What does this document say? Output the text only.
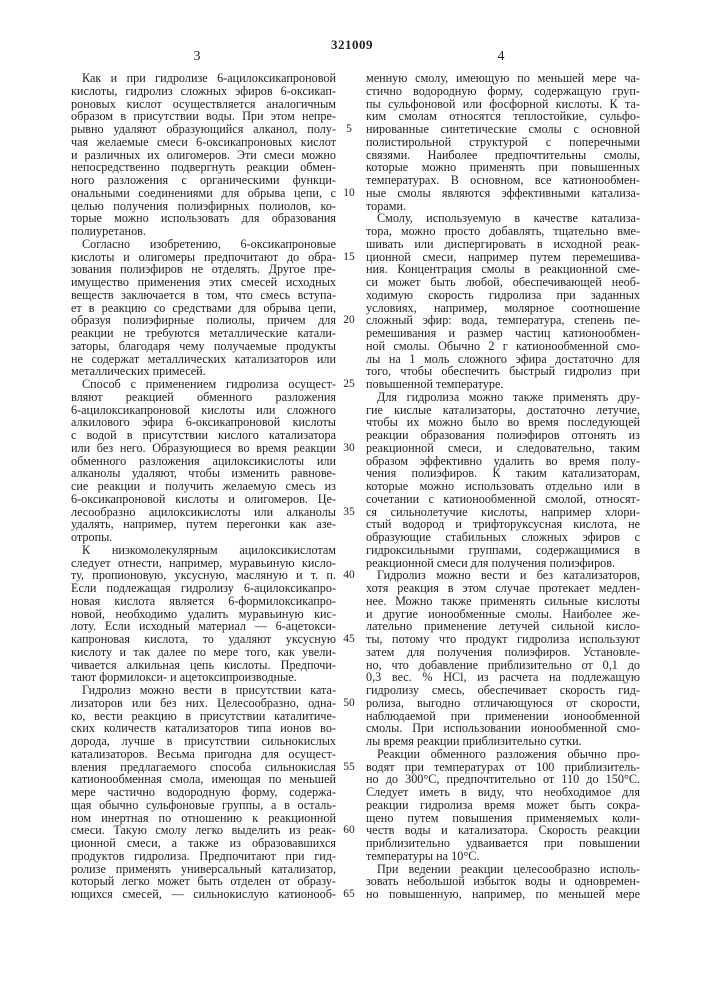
321009
3	4
Как и при гидролизе 6-ацилоксикапроновой
кислоты, гидролиз сложных эфиров 6-оксикап-
роновых кислот осуществляется аналогичным
образом в присутствии воды. При этом непре-
рывно удаляют образующийся алканол, полу-
чая желаемые смеси 6-оксикапроновых кислот
и различных их олигомеров. Эти смеси можно
непосредственно подвергнуть реакции обмен-
ного разложения с органическими функци-
ональными соединениями для обрыва цепи, с
целью получения полиэфирных полиолов, ко-
торые можно использовать для образования
полиуретанов.
Согласно изобретению, 6-оксикапроновые
кислоты и олигомеры предпочитают до обра-
зования полиэфиров не отделять. Другое пре-
имущество применения этих смесей исходных
веществ заключается в том, что смесь вступа-
ет в реакцию со средствами для обрыва цепи,
образуя полиэфирные полиолы, причем для
реакции не требуются металлические катали-
заторы, благодаря чему получаемые продукты
не содержат металлических катализаторов или
металлических примесей.
Способ с применением гидролиза осущест-
вляют реакцией обменного разложения
6-ацилоксикапроновой кислоты или сложного
алкилового эфира 6-оксикапроновой кислоты
с водой в присутствии кислого катализатора
или без него. Образующиеся во время реакции
обменного разложения ацилоксикислоты или
алканолы удаляют, чтобы изменить равнове-
сие реакции и получить желаемую смесь из
6-оксикапроновой кислоты и олигомеров. Це-
лесообразно ацилоксикислоты или алканолы
удалять, например, путем перегонки как азе-
отропы.
К низкомолекулярным ацилоксикислотам
следует отнести, например, муравьиную кисло-
ту, пропионовую, уксусную, масляную и т. п.
Если подлежащая гидролизу 6-ацилоксикапро-
новая кислота является 6-формилоксикапро-
новой, необходимо удалить муравьиную кис-
лоту. Если исходный материал — 6-ацетокси-
капроновая кислота, то удаляют уксусную
кислоту и так далее по мере того, как увели-
чивается алкильная цепь кислоты. Предпочи-
тают формилокси- и ацетоксипроизводные.
Гидролиз можно вести в присутствии ката-
лизаторов или без них. Целесообразно, одна-
ко, вести реакцию в присутствии каталитиче-
ских количеств катализаторов типа ионов во-
дорода, лучше в присутствии сильнокислых
катализаторов. Весьма пригодна для осущест-
вления предлагаемого способа сильнокислая
катионообменная смола, имеющая по меньшей
мере частично водородную форму, содержа-
щая обычно сульфоновые группы, а в осталь-
ном инертная по отношению к реакционной
смеси. Такую смолу легко выделить из реак-
ционной смеси, а также из образовавшихся
продуктов гидролиза. Предпочитают при гид-
ролизе применять универсальный катализатор,
который легко может быть отделен от образу-
ющихся смесей, — сильнокислую катионооб-
5
10
15
20
25
30
35
40
45
50
55
60
65
менную смолу, имеющую по меньшей мере ча-
стично водородную форму, содержащую груп-
пы сульфоновой или фосфорной кислоты. К та-
ким смолам относятся теплостойкие, сульфо-
нированные синтетические смолы с основной
полистирольной структурой с поперечными
связями. Наиболее предпочтительны смолы,
которые можно применять при повышенных
температурах. В основном, все катионообмен-
ные смолы являются эффективными катализа-
торами.
Смолу, используемую в качестве катализа-
тора, можно просто добавлять, тщательно вме-
шивать или диспергировать в исходной реак-
ционной смеси, например путем перемешива-
ния. Концентрация смолы в реакционной сме-
си может быть любой, обеспечивающей необ-
ходимую скорость гидролиза при заданных
условиях, например, молярное соотношение
сложный эфир: вода, температура, степень пе-
ремешивания и размер частиц катионообмен-
ной смолы. Обычно 2 г катионообменной смо-
лы на 1 моль сложного эфира достаточно для
того, чтобы обеспечить быстрый гидролиз при
повышенной температуре.
Для гидролиза можно также применять дру-
гие кислые катализаторы, достаточно летучие,
чтобы их можно было во время последующей
реакции образования полиэфиров отгонять из
реакционной смеси, и следовательно, таким
образом эффективно удалить во время полу-
чения полиэфиров. К таким катализаторам,
которые можно использовать отдельно или в
сочетании с катионообменной смолой, относят-
ся сильнолетучие кислоты, например хлори-
стый водород и трифторуксусная кислота, не
образующие стабильных сложных эфиров с
гидроксильными группами, содержащимися в
реакционной смеси для получения полиэфиров.
Гидролиз можно вести и без катализаторов,
хотя реакция в этом случае протекает медлен-
нее. Можно также применять сильные кислоты
и другие ионообменные смолы. Наиболее же-
лательно применение летучей сильной кисло-
ты, потому что продукт гидролиза используют
затем для получения полиэфиров. Установле-
но, что добавление приблизительно от 0,1 до
0,3 вес. % HCl, из расчета на подлежащую
гидролизу смесь, обеспечивает скорость гид-
ролиза, выгодно отличающуюся от скорости,
наблюдаемой при применении ионообменной
смолы. При использовании ионообменной смо-
лы время реакции приблизительно сутки.
Реакции обменного разложения обычно про-
водят при температурах от 100 приблизитель-
но до 300°C, предпочтительно от 110 до 150°C.
Следует иметь в виду, что необходимое для
реакции гидролиза время может быть сокра-
щено путем повышения применяемых коли-
честв воды и катализатора. Скорость реакции
приблизительно удваивается при повышении
температуры на 10°C.
При ведении реакции целесообразно исполь-
зовать небольшой избыток воды и одновремен-
но повышенную, например, по меньшей мере
